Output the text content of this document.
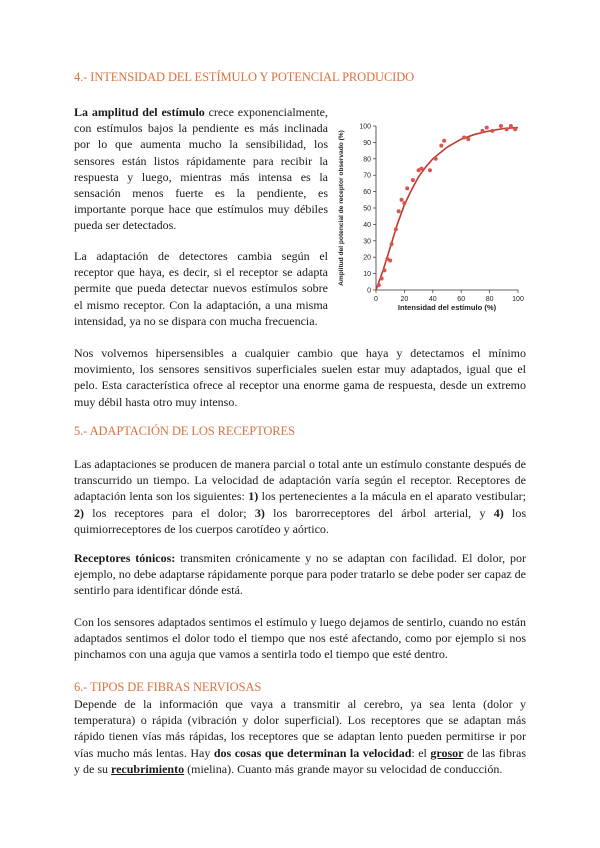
4.- INTENSIDAD DEL ESTÍMULO Y POTENCIAL PRODUCIDO

La amplitud del estímulo crece exponencialmente, con estímulos bajos la pendiente es más inclinada por lo que aumenta mucho la sensibilidad, los sensores están listos rápidamente para recibir la respuesta y luego, mientras más intensa es la sensación menos fuerte es la pendiente, es importante porque hace que estímulos muy débiles pueda ser detectados.

La adaptación de detectores cambia según el receptor que haya, es decir, si el receptor se adapta permite que pueda detectar nuevos estímulos sobre el mismo receptor. Con la adaptación, a una misma intensidad, ya no se dispara con mucha frecuencia.

0
10
20
30
40
50
60
70
80
90
100
0	20	40	60	80	100
Intensidad del estímulo (%)
Amplitud del potencial de receptor observado (%)

Nos volvemos hipersensibles a cualquier cambio que haya y detectamos el mínimo movimiento, los sensores sensitivos superficiales suelen estar muy adaptados, igual que el pelo. Esta característica ofrece al receptor una enorme gama de respuesta, desde un extremo muy débil hasta otro muy intenso.

5.- ADAPTACIÓN DE LOS RECEPTORES

Las adaptaciones se producen de manera parcial o total ante un estímulo constante después de transcurrido un tiempo. La velocidad de adaptación varía según el receptor. Receptores de adaptación lenta son los siguientes: 1) los pertenecientes a la mácula en el aparato vestibular; 2) los receptores para el dolor; 3) los barorreceptores del árbol arterial, y 4) los quimiorreceptores de los cuerpos carotídeo y aórtico.

Receptores tónicos: transmiten crónicamente y no se adaptan con facilidad. El dolor, por ejemplo, no debe adaptarse rápidamente porque para poder tratarlo se debe poder ser capaz de sentirlo para identificar dónde está.

Con los sensores adaptados sentimos el estímulo y luego dejamos de sentirlo, cuando no están adaptados sentimos el dolor todo el tiempo que nos esté afectando, como por ejemplo si nos pinchamos con una aguja que vamos a sentirla todo el tiempo que esté dentro.

6.- TIPOS DE FIBRAS NERVIOSAS

Depende de la información que vaya a transmitir al cerebro, ya sea lenta (dolor y temperatura) o rápida (vibración y dolor superficial). Los receptores que se adaptan más rápido tienen vías más rápidas, los receptores que se adaptan lento pueden permitirse ir por vías mucho más lentas. Hay dos cosas que determinan la velocidad: el grosor de las fibras y de su recubrimiento (mielina). Cuanto más grande mayor su velocidad de conducción.
